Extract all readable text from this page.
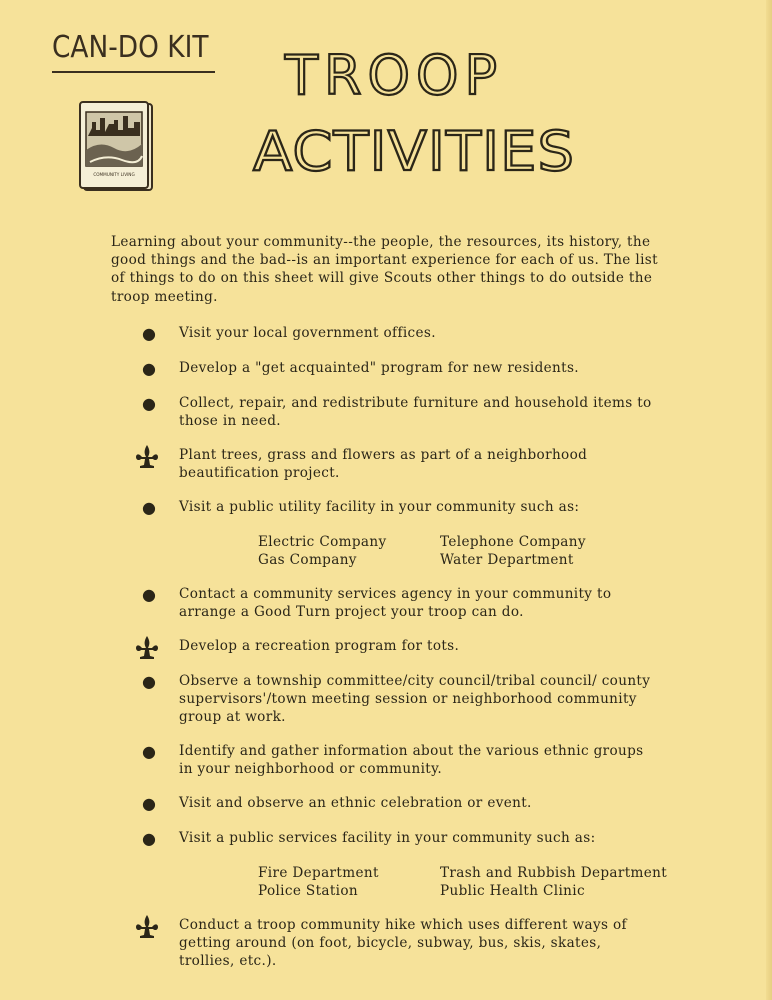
CAN-DO KIT
COMMUNITY LIVING
TROOP
ACTIVITIES
Learning about your community--the people, the resources, its history, the good things and the bad--is an important experience for each of us. The list of things to do on this sheet will give Scouts other things to do outside the troop meeting.
● Visit your local government offices.
● Develop a "get acquainted" program for new residents.
● Collect, repair, and redistribute furniture and household items to those in need.
Plant trees, grass and flowers as part of a neighborhood beautification project.
● Visit a public utility facility in your community such as:
Electric Company
Gas Company
Telephone Company
Water Department
● Contact a community services agency in your community to arrange a Good Turn project your troop can do.
Develop a recreation program for tots.
● Observe a township committee/city council/tribal council/ county supervisors'/town meeting session or neighborhood community group at work.
● Identify and gather information about the various ethnic groups in your neighborhood or community.
● Visit and observe an ethnic celebration or event.
● Visit a public services facility in your community such as:
Fire Department
Police Station
Trash and Rubbish Department
Public Health Clinic
Conduct a troop community hike which uses different ways of getting around (on foot, bicycle, subway, bus, skis, skates, trollies, etc.).
